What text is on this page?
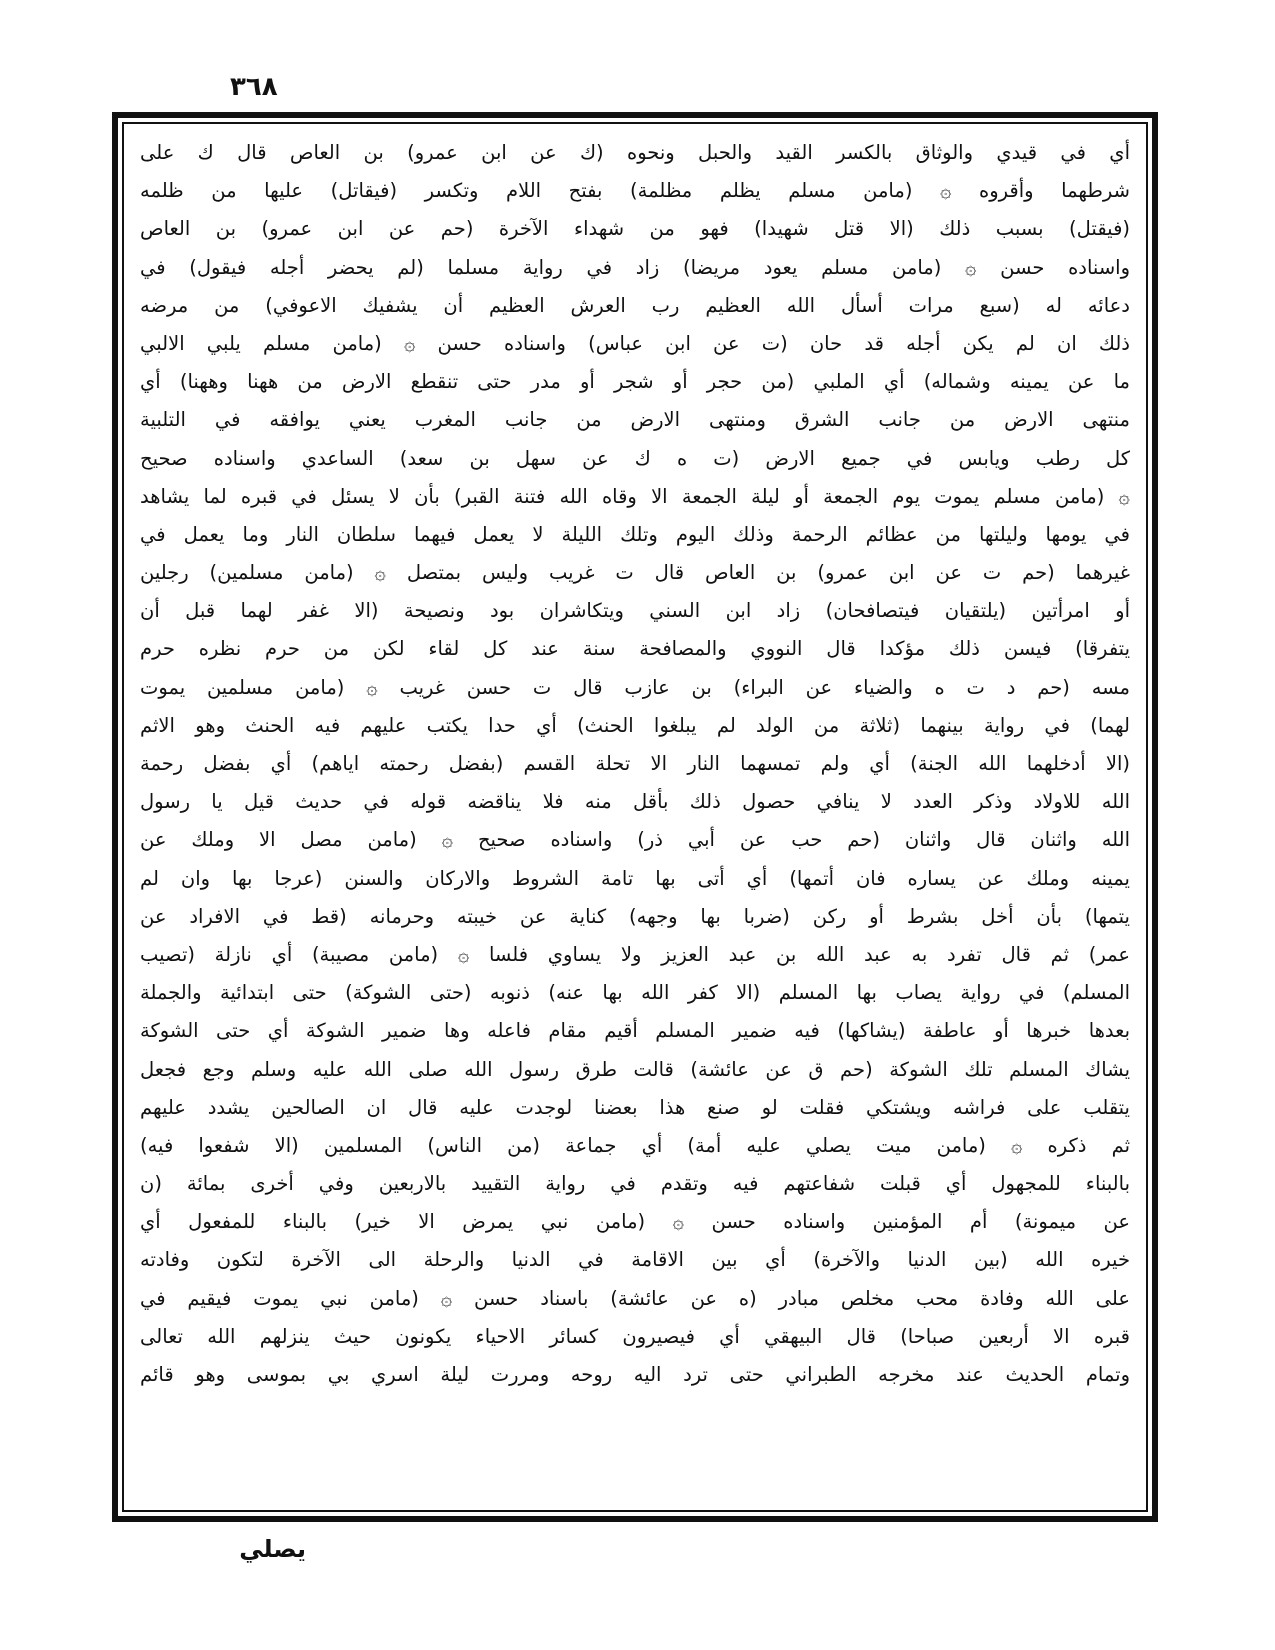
٣٦٨
أي في قيدي والوثاق بالكسر القيد والحبل ونحوه (ك عن ابن عمرو) بن العاص قال ك على
شرطهما وأقروه ۞ (مامن مسلم يظلم مظلمة) بفتح اللام وتكسر (فيقاتل) عليها من ظلمه
(فيقتل) بسبب ذلك (الا قتل شهيدا) فهو من شهداء الآخرة (حم عن ابن عمرو) بن العاص
واسناده حسن ۞ (مامن مسلم يعود مريضا) زاد في رواية مسلما (لم يحضر أجله فيقول) في
دعائه له (سبع مرات أسأل الله العظيم رب العرش العظيم أن يشفيك الاعوفي) من مرضه
ذلك ان لم يكن أجله قد حان (ت عن ابن عباس) واسناده حسن ۞ (مامن مسلم يلبي الالبي
ما عن يمينه وشماله) أي الملبي (من حجر أو شجر أو مدر حتى تنقطع الارض من ههنا وههنا) أي
منتهى الارض من جانب الشرق ومنتهى الارض من جانب المغرب يعني يوافقه في التلبية
كل رطب ويابس في جميع الارض (ت ه ك عن سهل بن سعد) الساعدي واسناده صحيح
۞ (مامن مسلم يموت يوم الجمعة أو ليلة الجمعة الا وقاه الله فتنة القبر) بأن لا يسئل في قبره لما يشاهد
في يومها وليلتها من عظائم الرحمة وذلك اليوم وتلك الليلة لا يعمل فيهما سلطان النار وما يعمل في
غيرهما (حم ت عن ابن عمرو) بن العاص قال ت غريب وليس بمتصل ۞ (مامن مسلمين) رجلين
أو امرأتين (يلتقيان فيتصافحان) زاد ابن السني ويتكاشران بود ونصيحة (الا غفر لهما قبل أن
يتفرقا) فيسن ذلك مؤكدا قال النووي والمصافحة سنة عند كل لقاء لكن من حرم نظره حرم
مسه (حم د ت ه والضياء عن البراء) بن عازب قال ت حسن غريب ۞ (مامن مسلمين يموت
لهما) في رواية بينهما (ثلاثة من الولد لم يبلغوا الحنث) أي حدا يكتب عليهم فيه الحنث وهو الاثم
(الا أدخلهما الله الجنة) أي ولم تمسهما النار الا تحلة القسم (بفضل رحمته اياهم) أي بفضل رحمة
الله للاولاد وذكر العدد لا ينافي حصول ذلك بأقل منه فلا يناقضه قوله في حديث قيل يا رسول
الله واثنان قال واثنان (حم حب عن أبي ذر) واسناده صحيح ۞ (مامن مصل الا وملك عن
يمينه وملك عن يساره فان أتمها) أي أتى بها تامة الشروط والاركان والسنن (عرجا بها وان لم
يتمها) بأن أخل بشرط أو ركن (ضربا بها وجهه) كناية عن خيبته وحرمانه (قط في الافراد عن
عمر) ثم قال تفرد به عبد الله بن عبد العزيز ولا يساوي فلسا ۞ (مامن مصيبة) أي نازلة (تصيب
المسلم) في رواية يصاب بها المسلم (الا كفر الله بها عنه) ذنوبه (حتى الشوكة) حتى ابتدائية والجملة
بعدها خبرها أو عاطفة (يشاكها) فيه ضمير المسلم أقيم مقام فاعله وها ضمير الشوكة أي حتى الشوكة
يشاك المسلم تلك الشوكة (حم ق عن عائشة) قالت طرق رسول الله صلى الله عليه وسلم وجع فجعل
يتقلب على فراشه ويشتكي فقلت لو صنع هذا بعضنا لوجدت عليه قال ان الصالحين يشدد عليهم
ثم ذكره ۞ (مامن ميت يصلي عليه أمة) أي جماعة (من الناس) المسلمين (الا شفعوا فيه)
بالبناء للمجهول أي قبلت شفاعتهم فيه وتقدم في رواية التقييد بالاربعين وفي أخرى بمائة (ن
عن ميمونة) أم المؤمنين واسناده حسن ۞ (مامن نبي يمرض الا خير) بالبناء للمفعول أي
خيره الله (بين الدنيا والآخرة) أي بين الاقامة في الدنيا والرحلة الى الآخرة لتكون وفادته
على الله وفادة محب مخلص مبادر (ه عن عائشة) باسناد حسن ۞ (مامن نبي يموت فيقيم في
قبره الا أربعين صباحا) قال البيهقي أي فيصيرون كسائر الاحياء يكونون حيث ينزلهم الله تعالى
وتمام الحديث عند مخرجه الطبراني حتى ترد اليه روحه ومررت ليلة اسري بي بموسى وهو قائم
يصلي
